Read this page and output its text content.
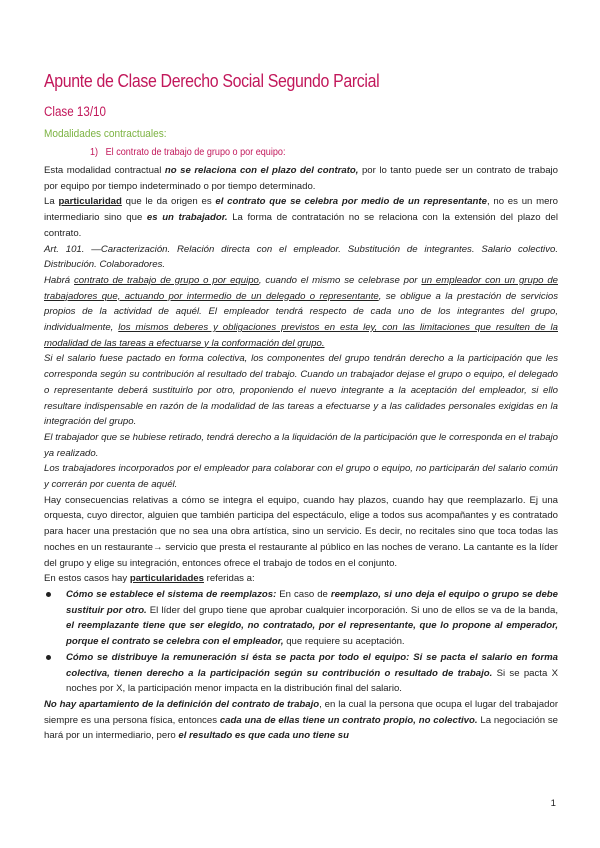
Apunte de Clase Derecho Social Segundo Parcial
Clase 13/10
Modalidades contractuales:
1) El contrato de trabajo de grupo o por equipo:

Esta modalidad contractual no se relaciona con el plazo del contrato, por lo tanto puede ser un contrato de trabajo por equipo por tiempo indeterminado o por tiempo determinado.

La particularidad que le da origen es el contrato que se celebra por medio de un representante, no es un mero intermediario sino que es un trabajador. La forma de contratación no se relaciona con la extensión del plazo del contrato.

Art. 101. —Caracterización. Relación directa con el empleador. Substitución de integrantes. Salario colectivo. Distribución. Colaboradores.

Habrá contrato de trabajo de grupo o por equipo, cuando el mismo se celebrase por un empleador con un grupo de trabajadores que, actuando por intermedio de un delegado o representante, se obligue a la prestación de servicios propios de la actividad de aquél. El empleador tendrá respecto de cada uno de los integrantes del grupo, individualmente, los mismos deberes y obligaciones previstos en esta ley, con las limitaciones que resulten de la modalidad de las tareas a efectuarse y la conformación del grupo.

Si el salario fuese pactado en forma colectiva, los componentes del grupo tendrán derecho a la participación que les corresponda según su contribución al resultado del trabajo. Cuando un trabajador dejase el grupo o equipo, el delegado o representante deberá sustituirlo por otro, proponiendo el nuevo integrante a la aceptación del empleador, si ello resultare indispensable en razón de la modalidad de las tareas a efectuarse y a las calidades personales exigidas en la integración del grupo.

El trabajador que se hubiese retirado, tendrá derecho a la liquidación de la participación que le corresponda en el trabajo ya realizado.

Los trabajadores incorporados por el empleador para colaborar con el grupo o equipo, no participarán del salario común y correrán por cuenta de aquél.

Hay consecuencias relativas a cómo se integra el equipo, cuando hay plazos, cuando hay que reemplazarlo. Ej una orquesta, cuyo director, alguien que también participa del espectáculo, elige a todos sus acompañantes y es contratado para hacer una prestación que no sea una obra artística, sino un servicio. Es decir, no recitales sino que toca todas las noches en un restaurante→ servicio que presta el restaurante al público en las noches de verano. La cantante es la líder del grupo y elige su integración, entonces ofrece el trabajo de todos en el conjunto.

En estos casos hay particularidades referidas a:

Cómo se establece el sistema de reemplazos: En caso de reemplazo, si uno deja el equipo o grupo se debe sustituir por otro. El líder del grupo tiene que aprobar cualquier incorporación. Si uno de ellos se va de la banda, el reemplazante tiene que ser elegido, no contratado, por el representante, que lo propone al emperador, porque el contrato se celebra con el empleador, que requiere su aceptación.
Cómo se distribuye la remuneración si ésta se pacta por todo el equipo: Si se pacta el salario en forma colectiva, tienen derecho a la participación según su contribución o resultado de trabajo. Si se pacta X noches por X, la participación menor impacta en la distribución final del salario.

No hay apartamiento de la definición del contrato de trabajo, en la cual la persona que ocupa el lugar del trabajador siempre es una persona física, entonces cada una de ellas tiene un contrato propio, no colectivo. La negociación se hará por un intermediario, pero el resultado es que cada uno tiene su

1
